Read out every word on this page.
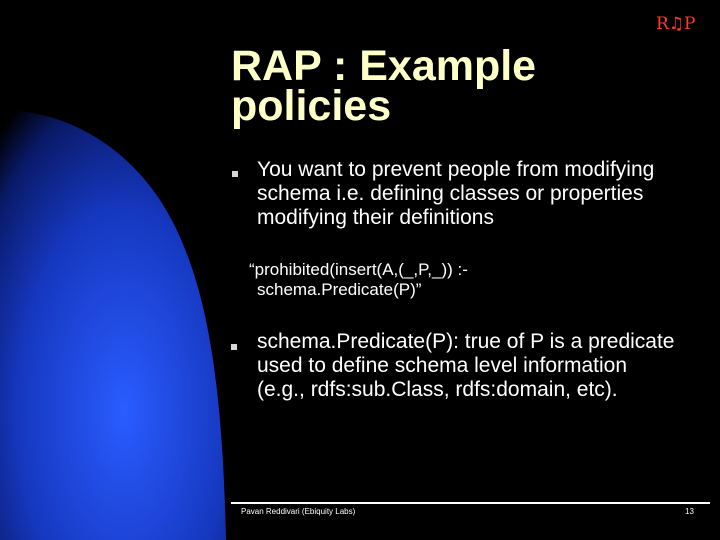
R♫P
RAP : Example
policies
You want to prevent people from modifying schema i.e. defining classes or properties modifying their definitions
“prohibited(insert(A,(_,P,_)) :-
schema.Predicate(P)”
schema.Predicate(P): true of P is a predicate used to define schema level information (e.g., rdfs:sub.Class, rdfs:domain, etc).
Pavan Reddivari (Ebiquity Labs)	13
